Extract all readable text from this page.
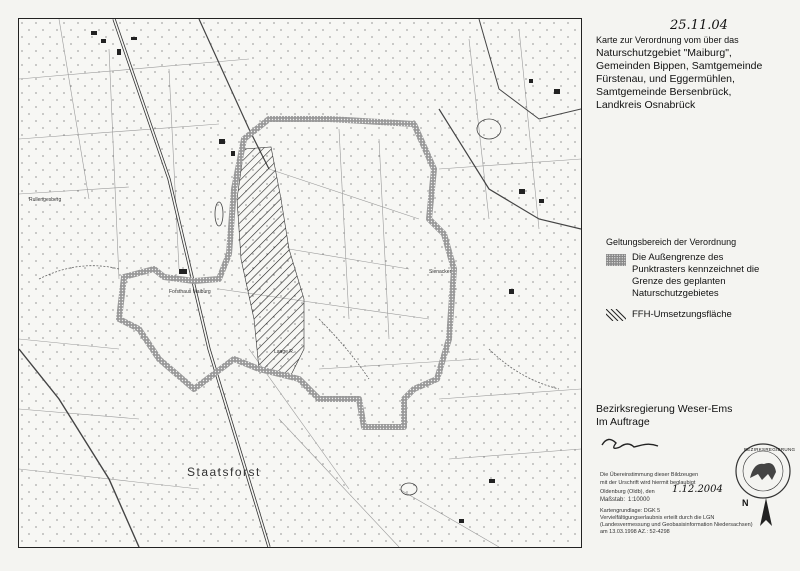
Staatsforst
Rullengesberg
Forsthaus Maiburg
Sienacker
Lange R.
25.11.04
Karte zur Verordnung vom über das
Naturschutzgebiet "Maiburg",
Gemeinden Bippen, Samtgemeinde
Fürstenau, und Eggermühlen,
Samtgemeinde Bersenbrück,
Landkreis Osnabrück
Geltungsbereich der Verordnung
Die Außengrenze des
Punktrasters kennzeichnet die
Grenze des geplanten
Naturschutzgebietes
FFH-Umsetzungsfläche
Bezirksregierung Weser-Ems
Im Auftrage
Die Übereinstimmung dieser Bildzeugen
mit der Urschrift wird hiermit beglaubigt
Oldenburg (Oldb), den 1.12.2004
BEZIRKSREGIERUNG
N
Kartengrundlage: DGK 5
Vervielfältigungserlaubnis erteilt durch die LGN
(Landesvermessung und Geobasisinformation Niedersachsen)
am 13.03.1998 AZ.: 52-4298
Maßstab: 1:10000
